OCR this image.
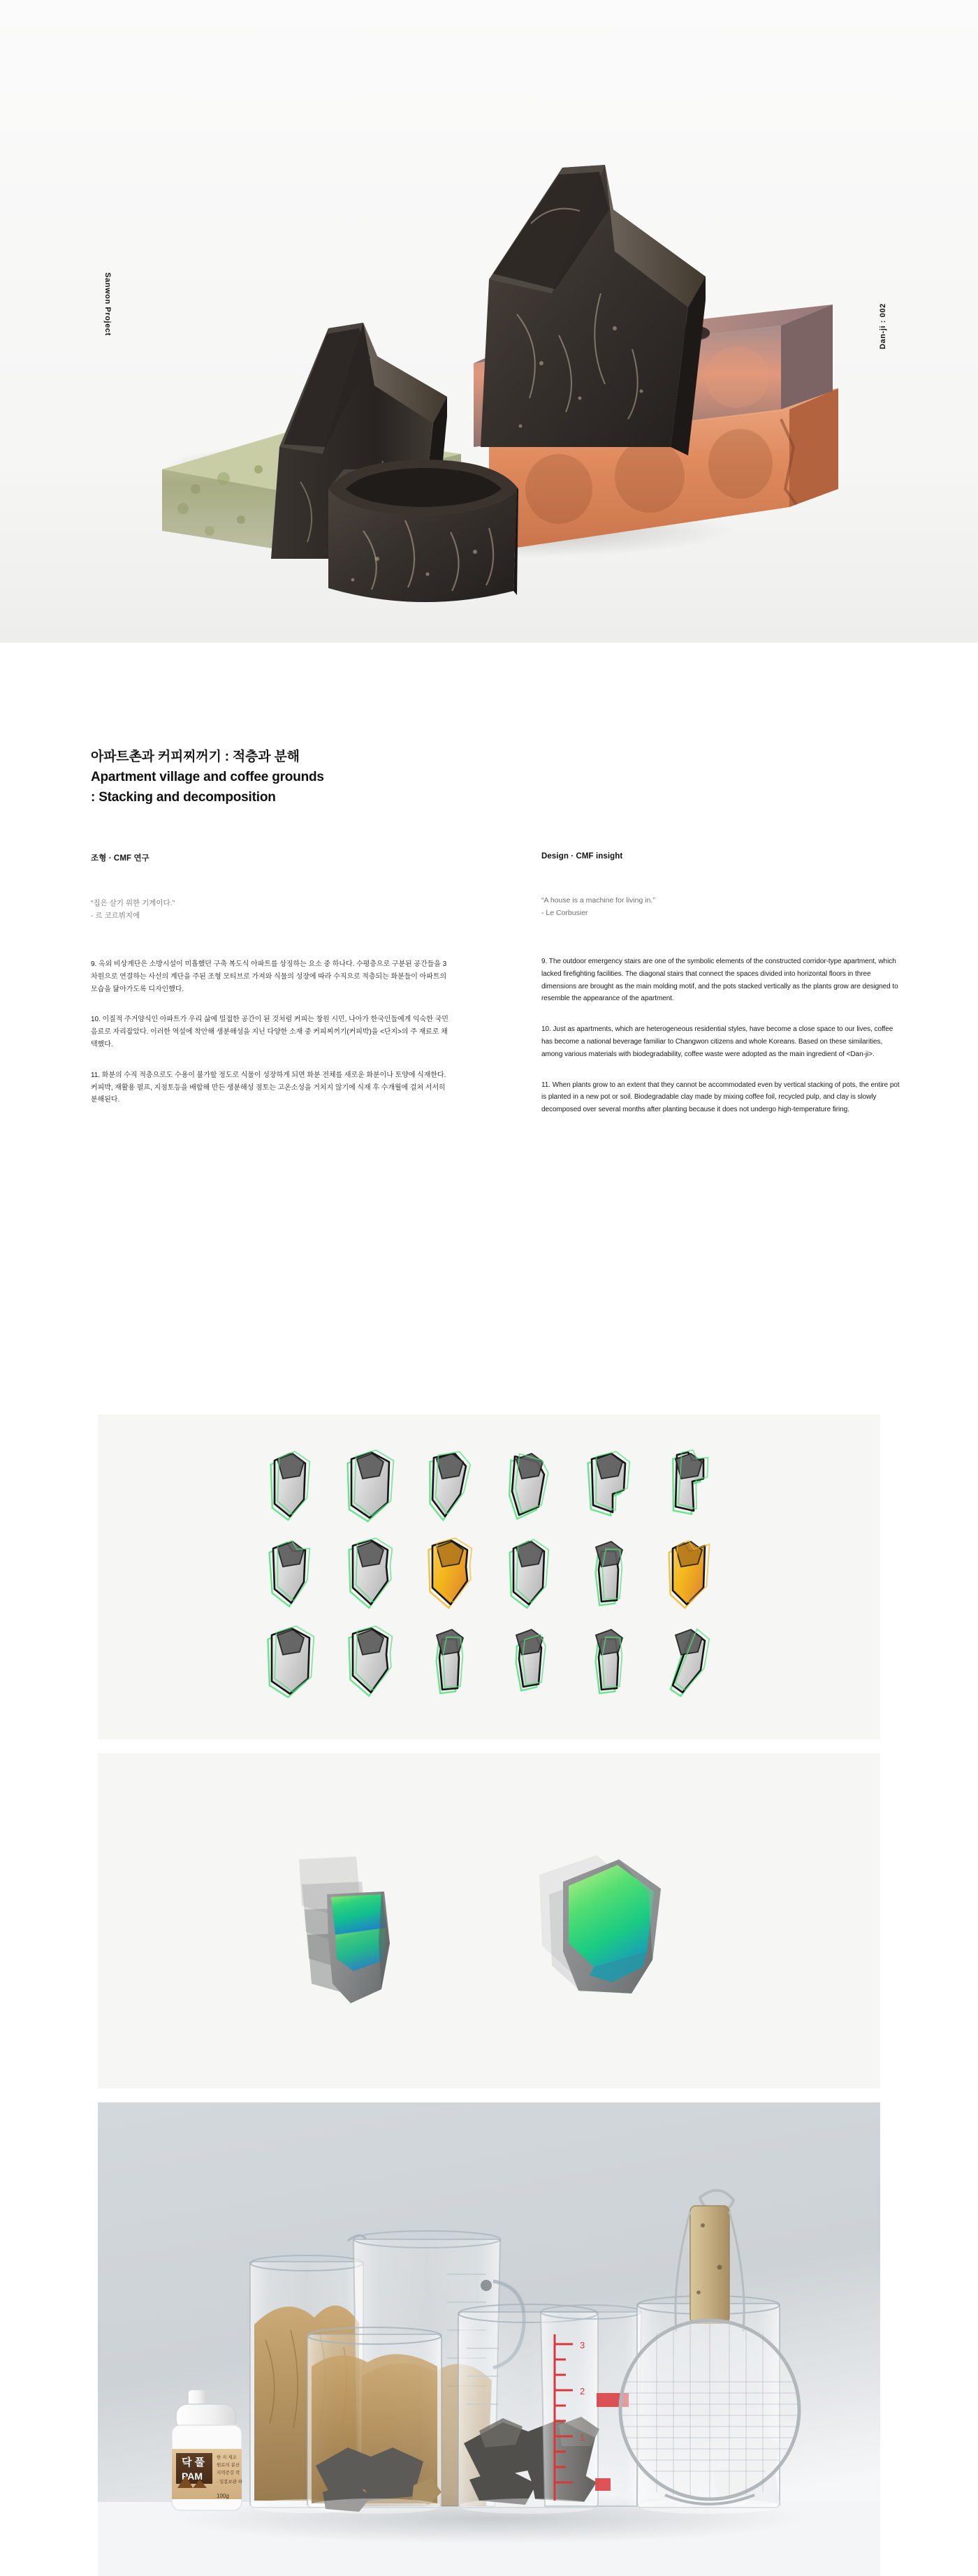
Sanwon Project	Dan-ji : 002
아파트촌과 커피찌꺼기 : 적층과 분해
Apartment village and coffee grounds
: Stacking and decomposition
조형 · CMF 연구
“집은 살기 위한 기계이다.”
- 르 코르뷔지에

9. 옥외 비상계단은 소방시설이 미흡했던 구축 복도식 아파트를 상징하는 요소 중 하나다. 수평층으로 구분된 공간들을 3차원으로 연결하는 사선의 계단을 주된 조형 모티브로 가져와 식물의 성장에 따라 수직으로 적층되는 화분들이 아파트의 모습을 닮아가도록 디자인했다.

10. 이질적 주거양식인 아파트가 우리 삶에 밀접한 공간이 된 것처럼 커피는 창원 시민, 나아가 한국인들에게 익숙한 국민음료로 자리잡았다. 이러한 역설에 착안해 생분해성을 지닌 다양한 소재 중 커피찌꺼기(커피박)을 <단지>의 주 재료로 채택했다.

11. 화분의 수직 적층으로도 수용이 불가할 정도로 식물이 성장하게 되면 화분 전체를 새로운 화분이나 토양에 식재한다. 커피박, 재활용 펄프, 지점토등을 배합해 만든 생분해성 점토는 고온소성을 거치지 않기에 식재 후 수개월에 걸쳐 서서히 분해된다.

Design · CMF insight
“A house is a machine for living in.”
- Le Corbusier

9. The outdoor emergency stairs are one of the symbolic elements of the constructed corridor-type apartment, which lacked firefighting facilities. The diagonal stairs that connect the spaces divided into horizontal floors in three dimensions are brought as the main molding motif, and the pots stacked vertically as the plants grow are designed to resemble the appearance of the apartment.

10. Just as apartments, which are heterogeneous residential styles, have become a close space to our lives, coffee has become a national beverage familiar to Changwon citizens and whole Koreans. Based on these similarities, among various materials with biodegradability, coffee waste were adopted as the main ingredient of <Dan-ji>.

11. When plants grow to an extent that they cannot be accommodated even by vertical stacking of pots, the entire pot is planted in a new pot or soil. Biodegradable clay made by mixing coffee foil, recycled pulp, and clay is slowly decomposed over several months after planting because it does not undergo high-temperature firing.

3
2
1
닥 풀
PAM
한 지 제조
원료의 분산
지력증강 작
· 밀봉보관 하
100g
